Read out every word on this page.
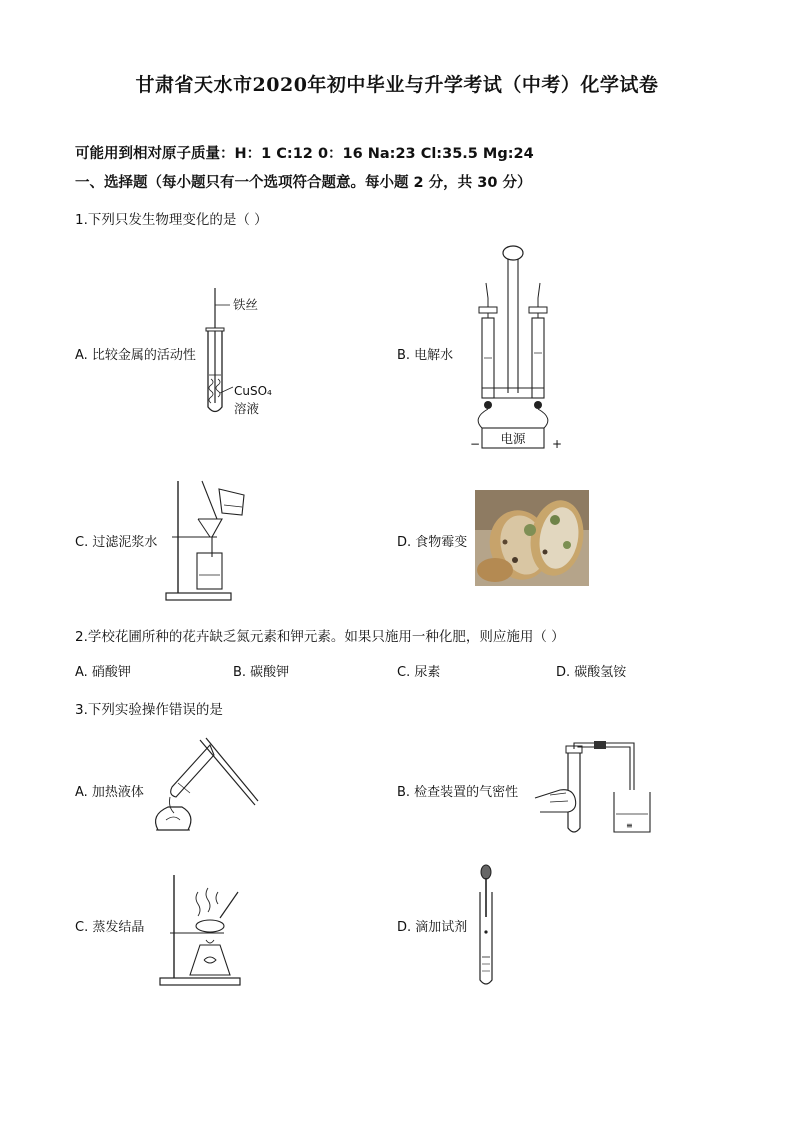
甘肃省天水市2020年初中毕业与升学考试（中考）化学试卷
可能用到相对原子质量：H：1 C:12 0：16 Na:23 Cl:35.5 Mg:24
一、选择题（每小题只有一个选项符合题意。每小题 2 分，共 30 分）
1.下列只发生物理变化的是（ ）
A. 比较金属的活动性
铁丝
CuSO₄
溶液
B. 电解水
电源
−	+
C. 过滤泥浆水	D. 食物霉变
2.学校花圃所种的花卉缺乏氮元素和钾元素。如果只施用一种化肥，则应施用（ ）
A. 硝酸钾	B. 碳酸钾	C. 尿素	D. 碳酸氢铵
3.下列实验操作错误的是
A. 加热液体	B. 检查装置的气密性
≡
C. 蒸发结晶	D. 滴加试剂
